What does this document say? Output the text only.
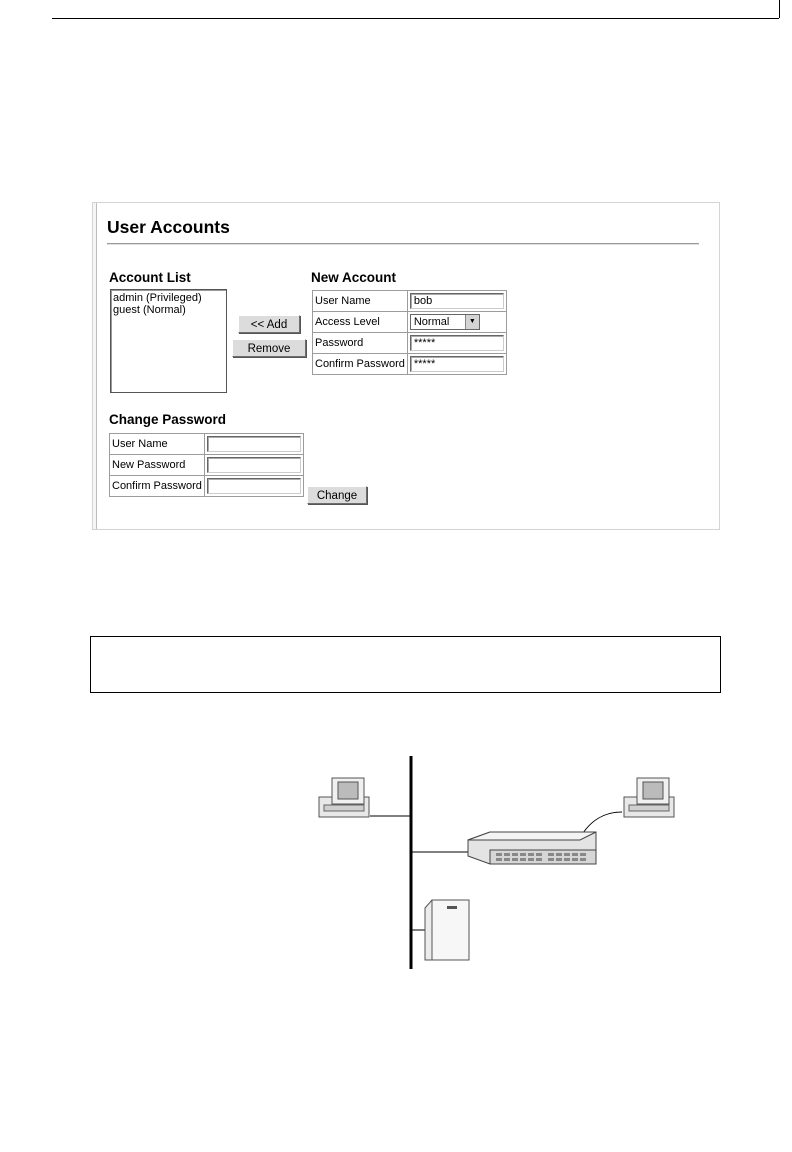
User Accounts
Account List
admin (Privileged)
guest (Normal)
<< Add
Remove
New Account
User Name	bob

Access Level	Normal ▼

Password	*****

Confirm Password	*****
Change Password
User Name	

New Password	

Confirm Password	
Change
